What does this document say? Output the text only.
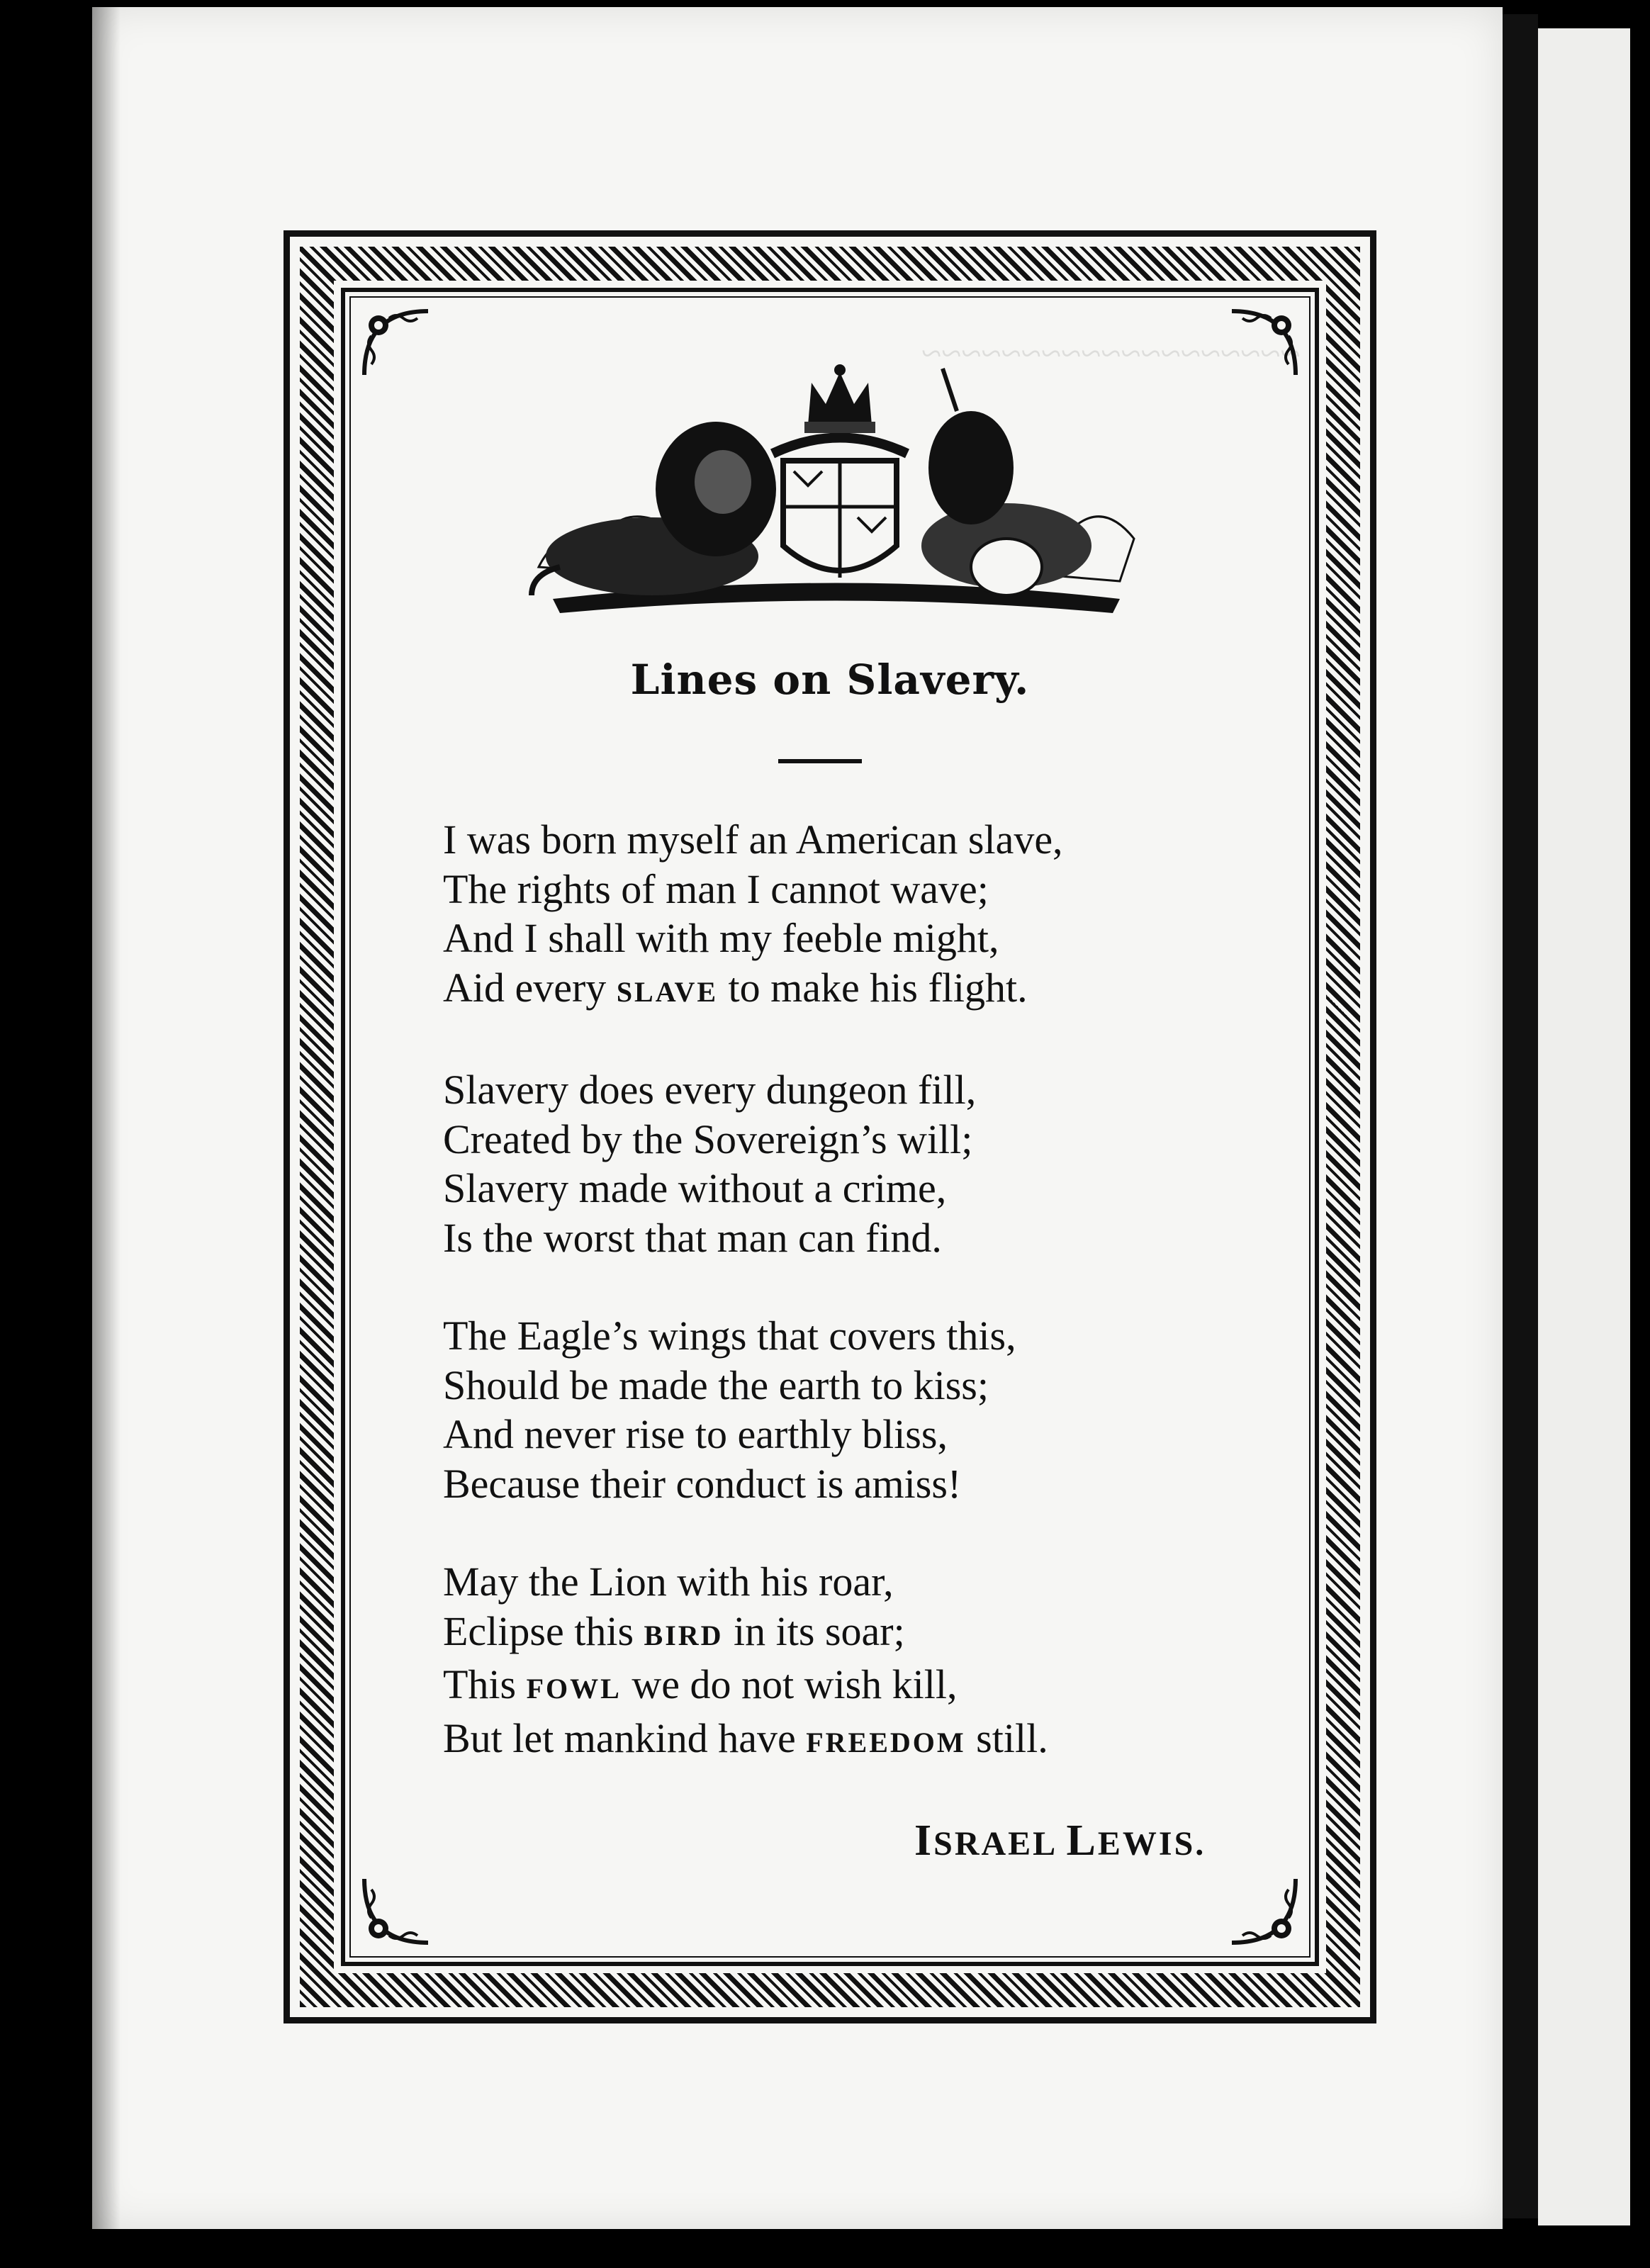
~~~~~~~~~~~~~~~~~~~
Lines on Slavery.
I was born myself an American slave,
The rights of man I cannot wave;
And I shall with my feeble might,
Aid every SLAVE to make his flight.
Slavery does every dungeon fill,
Created by the Sovereign’s will;
Slavery made without a crime,
Is the worst that man can find.
The Eagle’s wings that covers this,
Should be made the earth to kiss;
And never rise to earthly bliss,
Because their conduct is amiss!
May the Lion with his roar,
Eclipse this BIRD in its soar;
This FOWL we do not wish kill,
But let mankind have FREEDOM still.
ISRAEL LEWIS.
